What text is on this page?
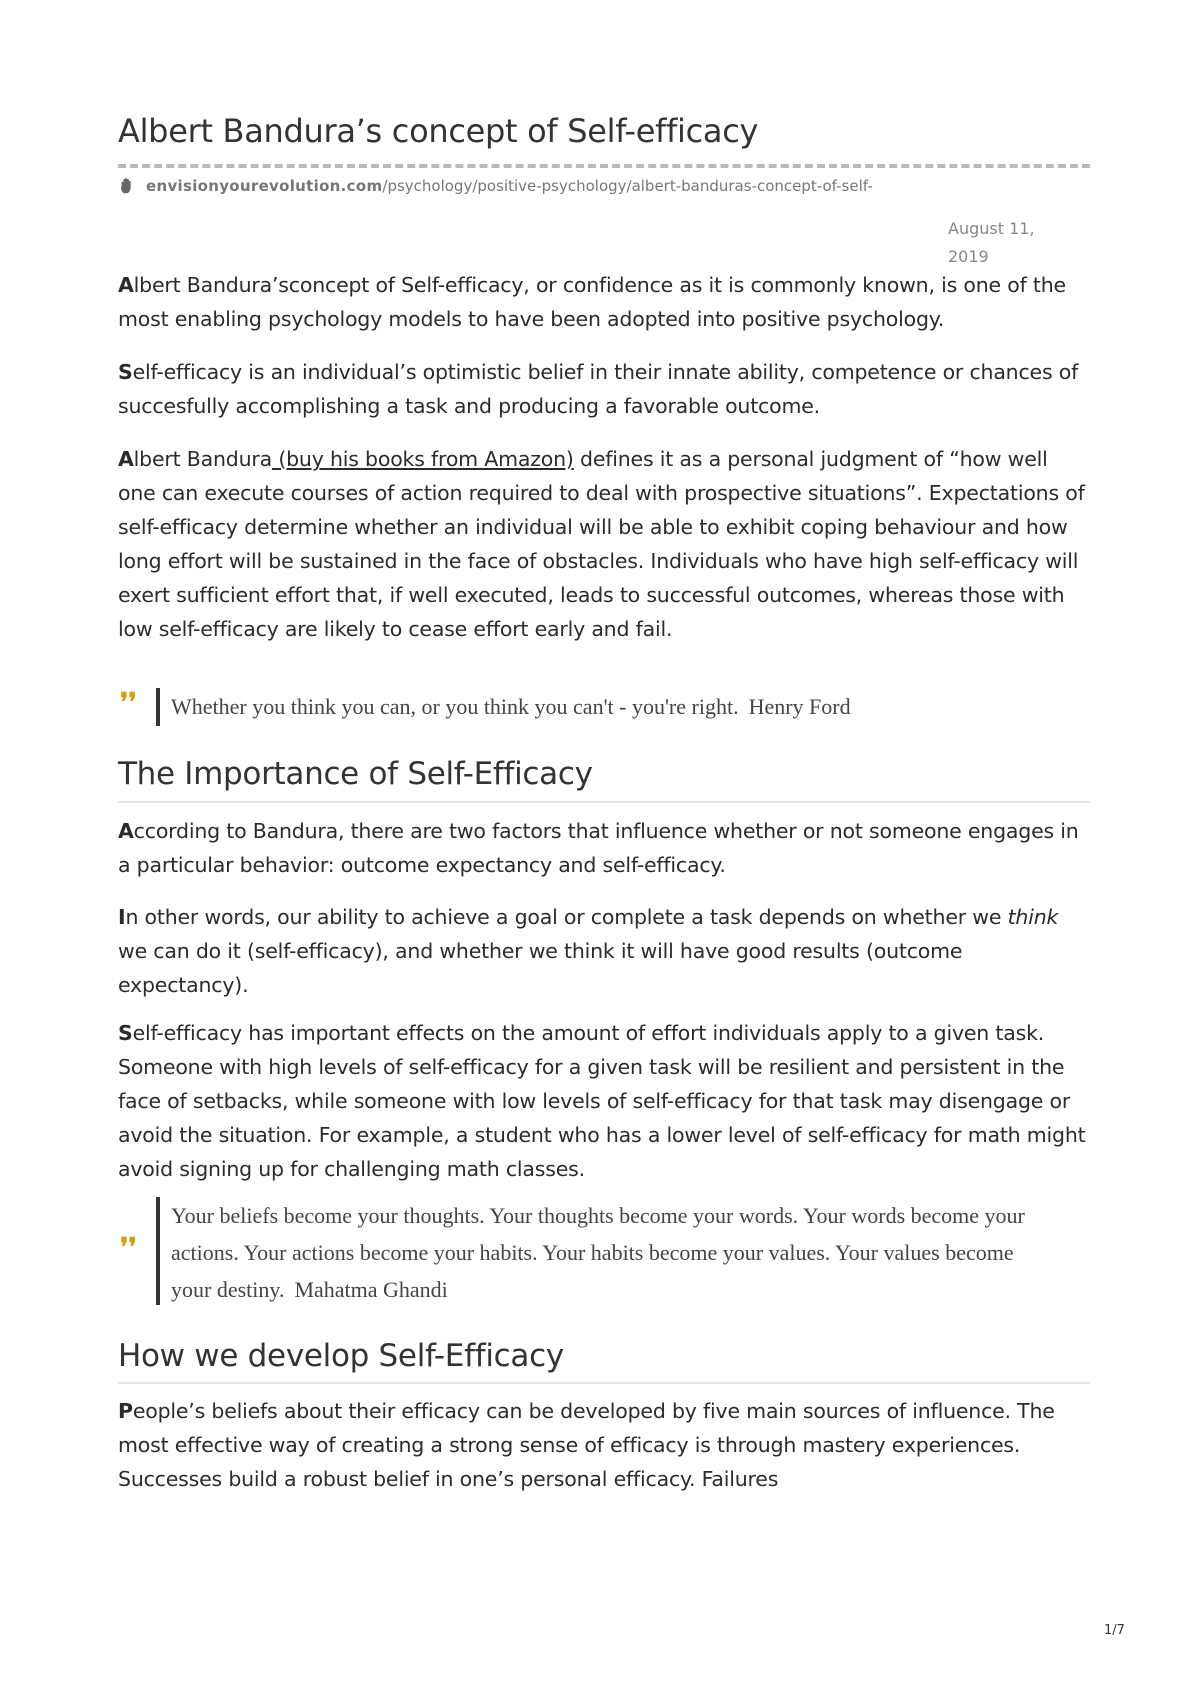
Albert Bandura’s concept of Self-efficacy
envisionyourevolution.com /psychology/positive-psychology/albert-banduras-concept-of-self-
August 11, 2019

Albert Bandura’sconcept of Self-efficacy, or confidence as it is commonly known, is one of the most enabling psychology models to have been adopted into positive psychology.

Self-efficacy is an individual’s optimistic belief in their innate ability, competence or chances of succesfully accomplishing a task and producing a favorable outcome.

Albert Bandura (buy his books from Amazon) defines it as a personal judgment of “how well one can execute courses of action required to deal with prospective situations”. Expectations of self-efficacy determine whether an individual will be able to exhibit coping behaviour and how long effort will be sustained in the face of obstacles. Individuals who have high self-efficacy will exert sufficient effort that, if well executed, leads to successful outcomes, whereas those with low self-efficacy are likely to cease effort early and fail.

❜❜ Whether you think you can, or you think you can't - you're right. Henry Ford
The Importance of Self-Efficacy

According to Bandura, there are two factors that influence whether or not someone engages in a particular behavior: outcome expectancy and self-efficacy.

In other words, our ability to achieve a goal or complete a task depends on whether we think we can do it (self-efficacy), and whether we think it will have good results (outcome expectancy).

Self-efficacy has important effects on the amount of effort individuals apply to a given task. Someone with high levels of self-efficacy for a given task will be resilient and persistent in the face of setbacks, while someone with low levels of self-efficacy for that task may disengage or avoid the situation. For example, a student who has a lower level of self-efficacy for math might avoid signing up for challenging math classes.

❜❜
Your beliefs become your thoughts. Your thoughts become your words. Your words become your actions. Your actions become your habits. Your habits become your values. Your values become your destiny. Mahatma Ghandi
How we develop Self-Efficacy

People’s beliefs about their efficacy can be developed by five main sources of influence. The most effective way of creating a strong sense of efficacy is through mastery experiences. Successes build a robust belief in one’s personal efficacy. Failures

1/7
